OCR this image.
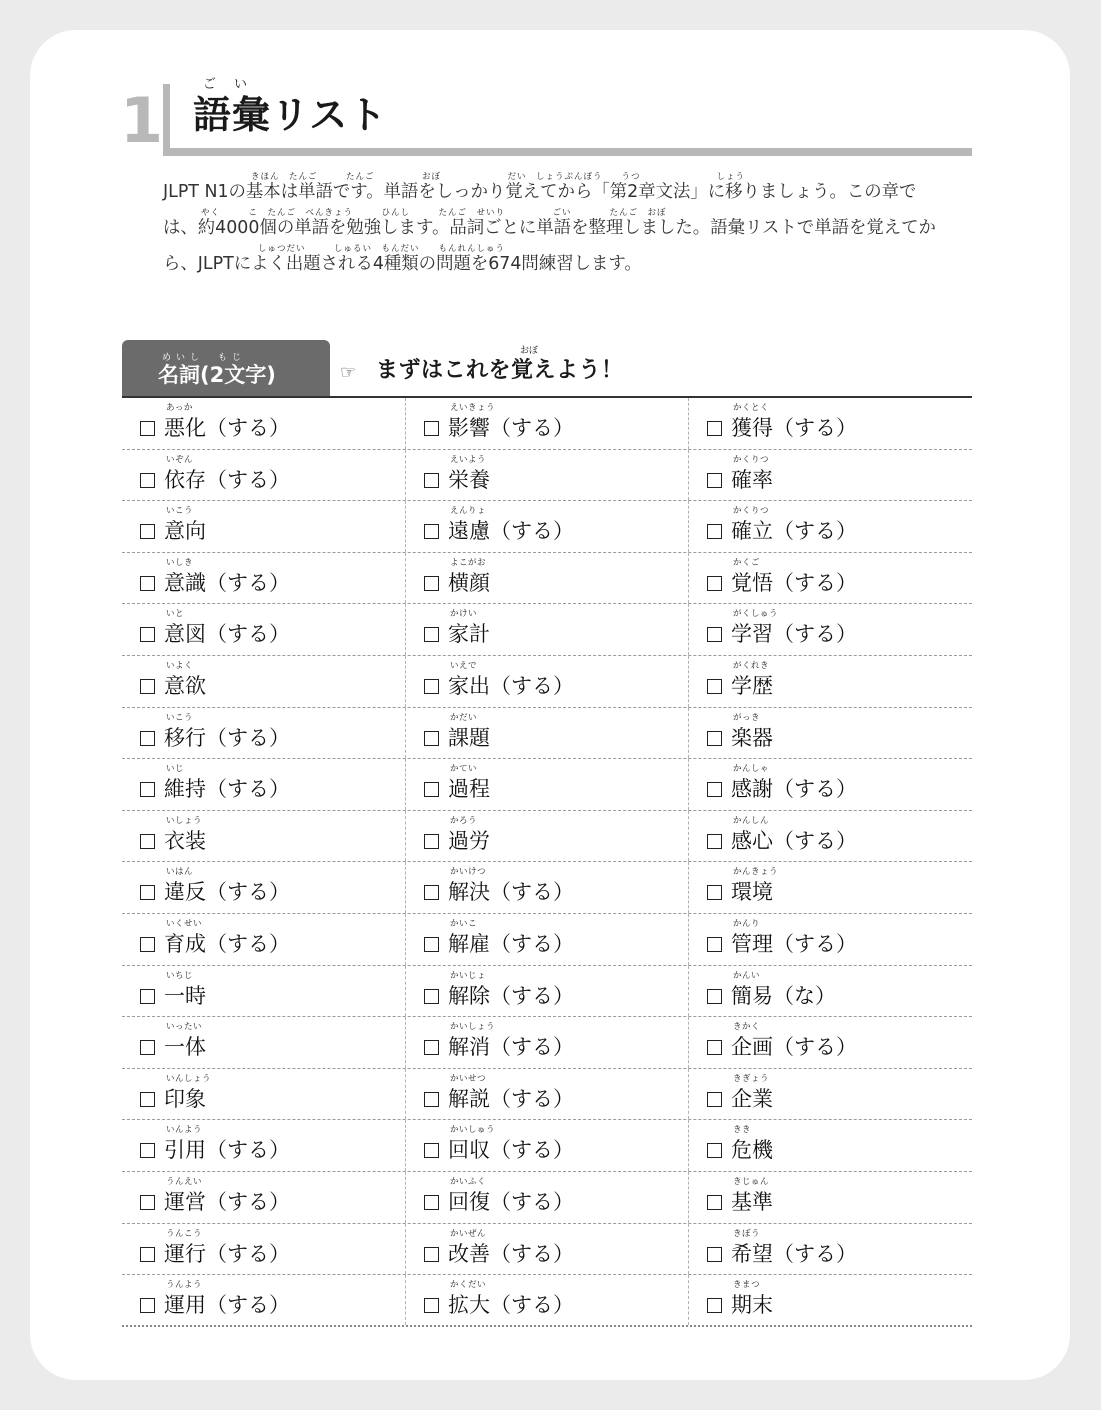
1	ごい
語彙リスト
きほん　たんご　　　たんご　　　　　おぼ　　　　　　　だい　しょうぶんぽう　　うつ　　　　　　　　しょう
JLPT N1の基本は単語です。単語をしっかり覚えてから「第2章文法」に移りましょう。この章で
やく　　　こ　たんご　べんきょう　　　ひんし　　　たんご　せいり　　　　　ごい　　　　たんご　おぼ
は、約4000個の単語を勉強します。品詞ごとに単語を整理しました。語彙リストで単語を覚えてか
　　　　　　しゅつだい　　　しゅるい　もんだい　　もんれんしゅう
ら、JLPTによく出題される4種類の問題を674問練習します。
めいし　もじ
名詞(2文字)	☞
おぼ
まずはこれを覚えよう！
あっか
悪化（する）
えいきょう
影響（する）
かくとく
獲得（する）
いぞん
依存（する）
えいよう
栄養
かくりつ
確率
いこう
意向
えんりょ
遠慮（する）
かくりつ
確立（する）
いしき
意識（する）
よこがお
横顔
かくご
覚悟（する）
いと
意図（する）
かけい
家計
がくしゅう
学習（する）
いよく
意欲
いえで
家出（する）
がくれき
学歴
いこう
移行（する）
かだい
課題
がっき
楽器
いじ
維持（する）
かてい
過程
かんしゃ
感謝（する）
いしょう
衣装
かろう
過労
かんしん
感心（する）
いはん
違反（する）
かいけつ
解決（する）
かんきょう
環境
いくせい
育成（する）
かいこ
解雇（する）
かんり
管理（する）
いちじ
一時
かいじょ
解除（する）
かんい
簡易（な）
いったい
一体
かいしょう
解消（する）
きかく
企画（する）
いんしょう
印象
かいせつ
解説（する）
きぎょう
企業
いんよう
引用（する）
かいしゅう
回収（する）
きき
危機
うんえい
運営（する）
かいふく
回復（する）
きじゅん
基準
うんこう
運行（する）
かいぜん
改善（する）
きぼう
希望（する）
うんよう
運用（する）
かくだい
拡大（する）
きまつ
期末
